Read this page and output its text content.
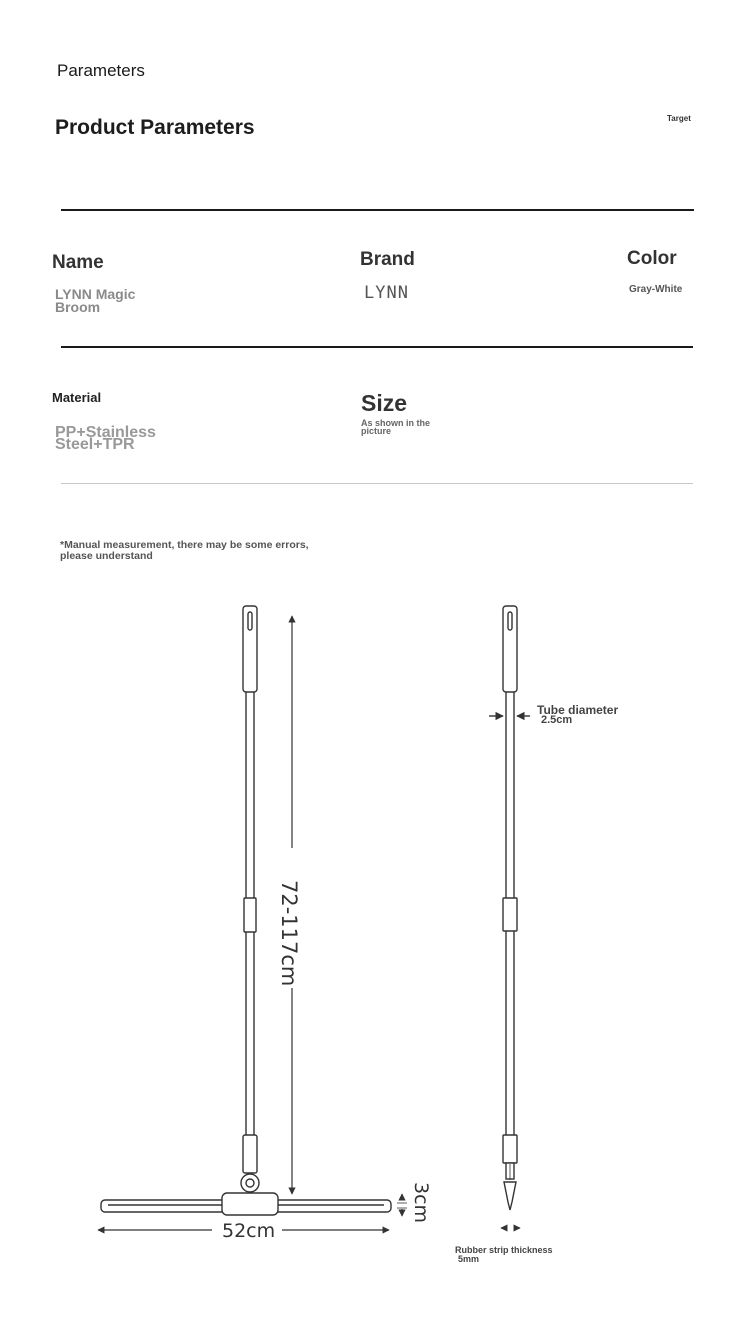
Parameters
Product Parameters	Target
Name
LYNN Magic Broom
Brand
LYNN
Color
Gray-White
Material
PP+Stainless Steel+TPR
Size
As shown in the picture
*Manual measurement, there may be some errors, please understand
72-117cm
52cm
3cm
Tube diameter
2.5cm
Rubber strip thickness
5mm
